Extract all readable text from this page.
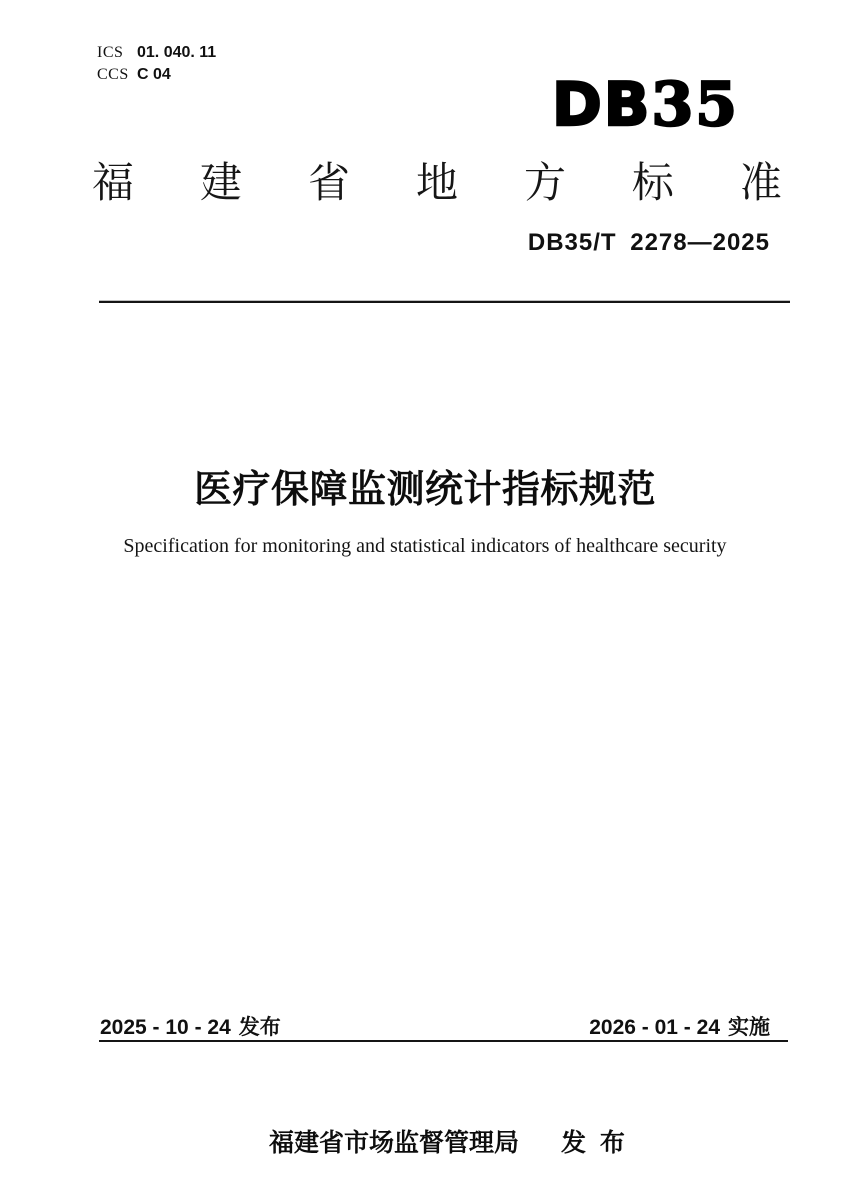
ICS 01. 040. 11
CCS C 04	DB35
福 建 省 地 方 标 准
DB35/T 2278—2025
医疗保障监测统计指标规范
Specification for monitoring and statistical indicators of healthcare security
2025 - 10 - 24 发布	2026 - 01 - 24 实施

福建省市场监督管理局 发  布
